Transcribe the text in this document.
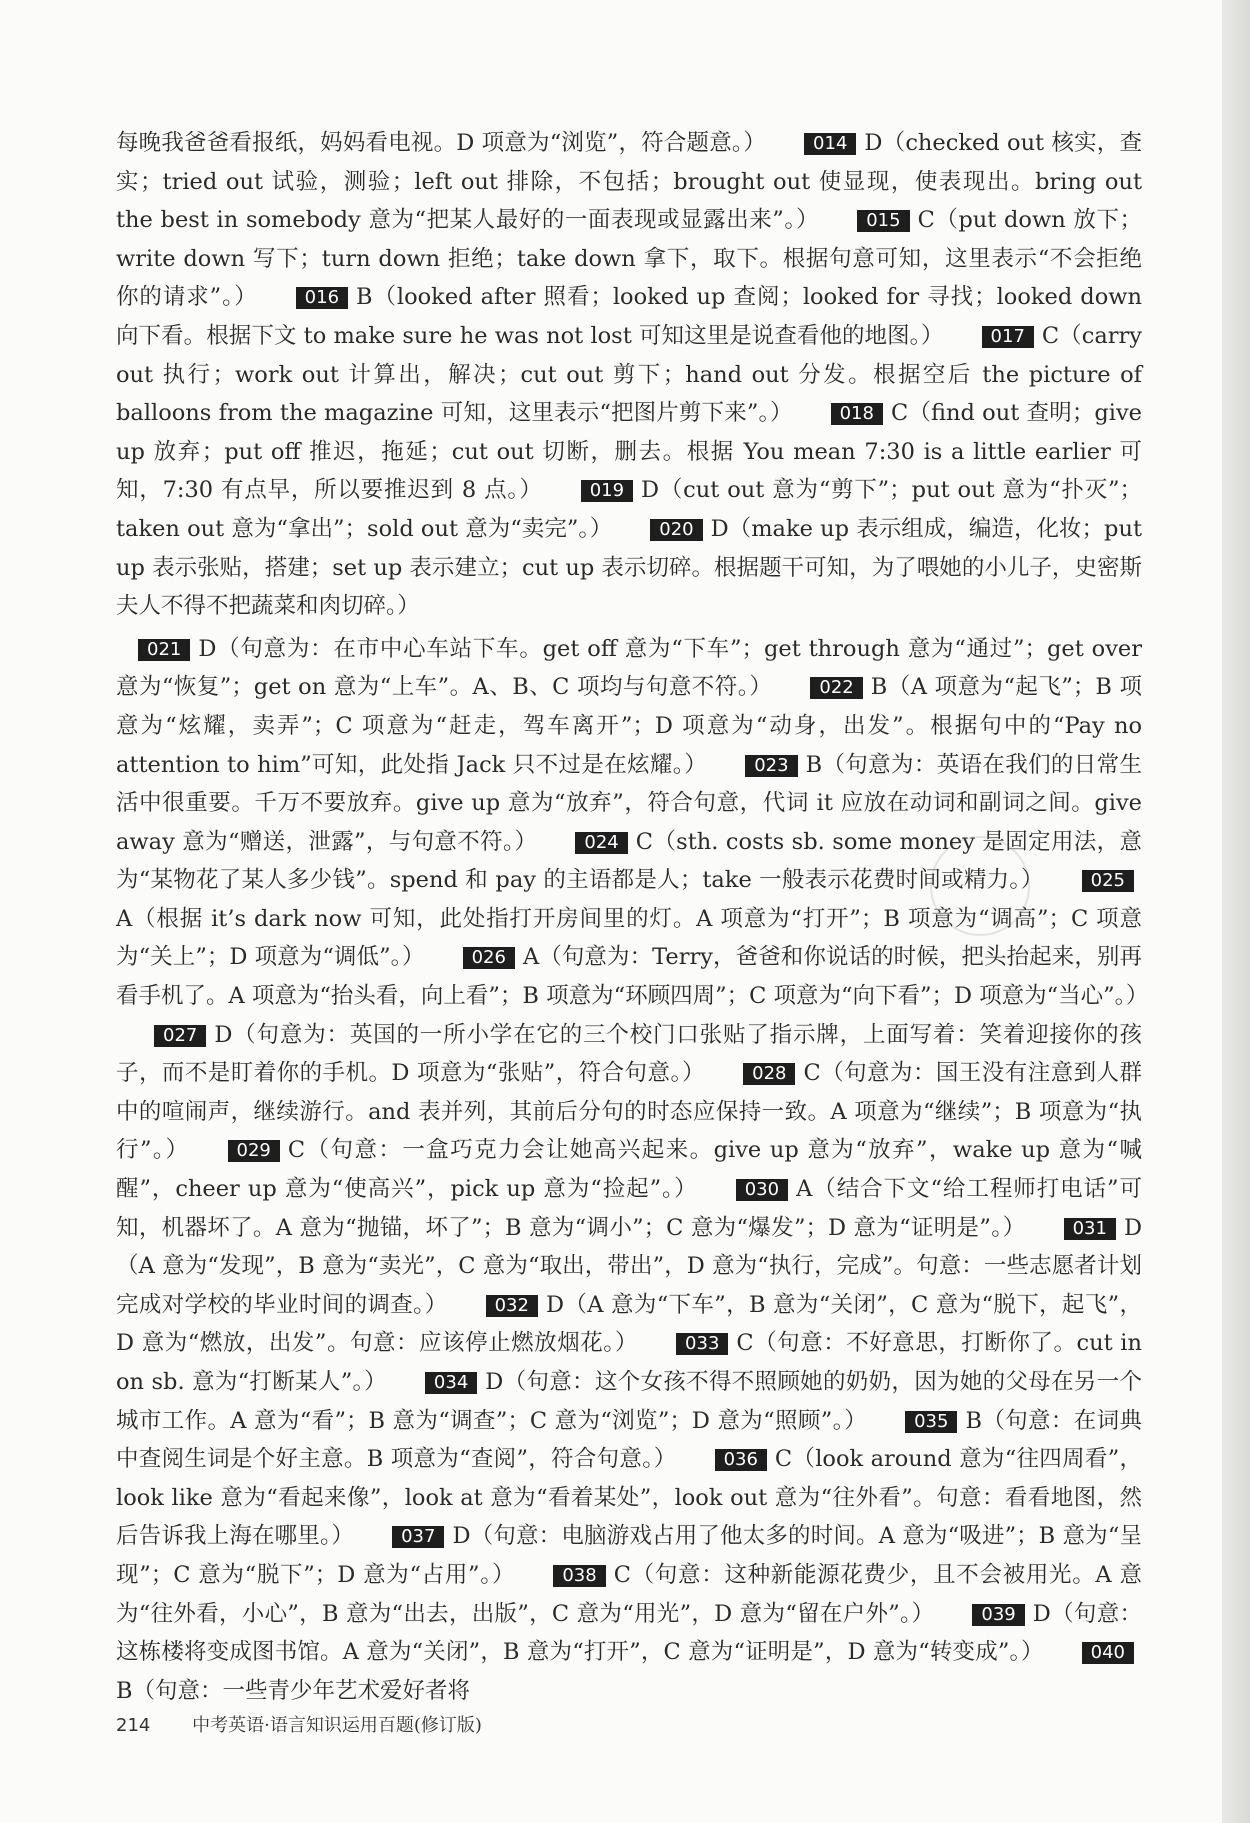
每晚我爸爸看报纸，妈妈看电视。D 项意为“浏览”，符合题意。）	014 D（checked out 核实，查实；tried out 试验，测验；left out 排除，不包括；brought out 使显现，使表现出。bring out the best in somebody 意为“把某人最好的一面表现或显露出来”。）	015 C（put down 放下；write down 写下；turn down 拒绝；take down 拿下，取下。根据句意可知，这里表示“不会拒绝你的请求”。）	016 B（looked after 照看；looked up 查阅；looked for 寻找；looked down 向下看。根据下文 to make sure he was not lost 可知这里是说查看他的地图。）	017 C（carry out 执行；work out 计算出，解决；cut out 剪下；hand out 分发。根据空后 the picture of balloons from the magazine 可知，这里表示“把图片剪下来”。）	018 C（find out 查明；give up 放弃；put off 推迟，拖延；cut out 切断，删去。根据 You mean 7:30 is a little earlier 可知，7:30 有点早，所以要推迟到 8 点。）	019 D（cut out 意为“剪下”；put out 意为“扑灭”；taken out 意为“拿出”；sold out 意为“卖完”。）	020 D（make up 表示组成，编造，化妆；put up 表示张贴，搭建；set up 表示建立；cut up 表示切碎。根据题干可知，为了喂她的小儿子，史密斯夫人不得不把蔬菜和肉切碎。）

021 D（句意为：在市中心车站下车。get off 意为“下车”；get through 意为“通过”；get over 意为“恢复”；get on 意为“上车”。A、B、C 项均与句意不符。）	022 B（A 项意为“起飞”；B 项意为“炫耀，卖弄”；C 项意为“赶走，驾车离开”；D 项意为“动身，出发”。根据句中的“Pay no attention to him”可知，此处指 Jack 只不过是在炫耀。）	023 B（句意为：英语在我们的日常生活中很重要。千万不要放弃。give up 意为“放弃”，符合句意，代词 it 应放在动词和副词之间。give away 意为“赠送，泄露”，与句意不符。）	024 C（sth. costs sb. some money 是固定用法，意为“某物花了某人多少钱”。spend 和 pay 的主语都是人；take 一般表示花费时间或精力。）	025A（根据 it’s dark now 可知，此处指打开房间里的灯。A 项意为“打开”；B 项意为“调高”；C 项意为“关上”；D 项意为“调低”。）	026 A（句意为：Terry，爸爸和你说话的时候，把头抬起来，别再看手机了。A 项意为“抬头看，向上看”；B 项意为“环顾四周”；C 项意为“向下看”；D 项意为“当心”。）027 D（句意为：英国的一所小学在它的三个校门口张贴了指示牌，上面写着：笑着迎接你的孩子，而不是盯着你的手机。D 项意为“张贴”，符合句意。）	028 C（句意为：国王没有注意到人群中的喧闹声，继续游行。and 表并列，其前后分句的时态应保持一致。A 项意为“继续”；B 项意为“执行”。）	029 C（句意：一盒巧克力会让她高兴起来。give up 意为“放弃”，wake up 意为“喊醒”，cheer up 意为“使高兴”，pick up 意为“捡起”。）	030 A（结合下文“给工程师打电话”可知，机器坏了。A 意为“抛锚，坏了”；B 意为“调小”；C 意为“爆发”；D 意为“证明是”。）	031 D（A 意为“发现”，B 意为“卖光”，C 意为“取出，带出”，D 意为“执行，完成”。句意：一些志愿者计划完成对学校的毕业时间的调查。）	032 D（A 意为“下车”，B 意为“关闭”，C 意为“脱下，起飞”，D 意为“燃放，出发”。句意：应该停止燃放烟花。）	033 C（句意：不好意思，打断你了。cut in on sb. 意为“打断某人”。）	034 D（句意：这个女孩不得不照顾她的奶奶，因为她的父母在另一个城市工作。A 意为“看”；B 意为“调查”；C 意为“浏览”；D 意为“照顾”。）	035 B（句意：在词典中查阅生词是个好主意。B 项意为“查阅”，符合句意。）	036 C（look around 意为“往四周看”，look like 意为“看起来像”，look at 意为“看着某处”，look out 意为“往外看”。句意：看看地图，然后告诉我上海在哪里。）	037 D（句意：电脑游戏占用了他太多的时间。A 意为“吸进”；B 意为“呈现”；C 意为“脱下”；D 意为“占用”。）	038 C（句意：这种新能源花费少，且不会被用光。A 意为“往外看，小心”，B 意为“出去，出版”，C 意为“用光”，D 意为“留在户外”。）	039 D（句意：这栋楼将变成图书馆。A 意为“关闭”，B 意为“打开”，C 意为“证明是”，D 意为“转变成”。）	040B（句意：一些青少年艺术爱好者将

214 中考英语·语言知识运用百题(修订版)
